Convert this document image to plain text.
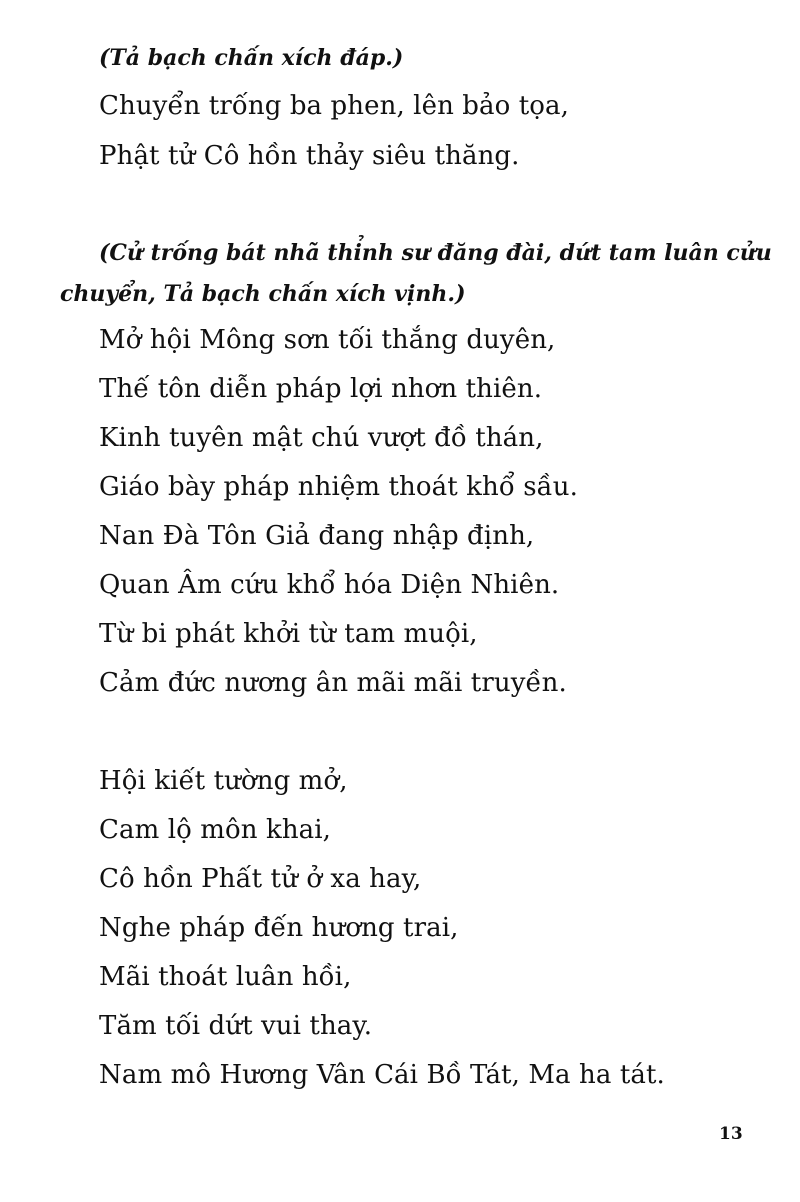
(Tả bạch chấn xích đáp.)
Chuyển trống ba phen, lên bảo tọa,
Phật tử Cô hồn thảy siêu thăng.
(Cử trống bát nhã thỉnh sư đăng đài, dứt tam luân cửu
chuyển, Tả bạch chấn xích vịnh.)
Mở hội Mông sơn tối thắng duyên,
Thế tôn diễn pháp lợi nhơn thiên.
Kinh tuyên mật chú vượt đồ thán,
Giáo bày pháp nhiệm thoát khổ sầu.
Nan Đà Tôn Giả đang nhập định,
Quan Âm cứu khổ hóa Diện Nhiên.
Từ bi phát khởi từ tam muội,
Cảm đức nương ân mãi mãi truyền.
Hội kiết tường mở,
Cam lộ môn khai,
Cô hồn Phất tử ở xa hay,
Nghe pháp đến hương trai,
Mãi thoát luân hồi,
Tăm tối dứt vui thay.
Nam mô Hương Vân Cái Bồ Tát, Ma ha tát.
13
